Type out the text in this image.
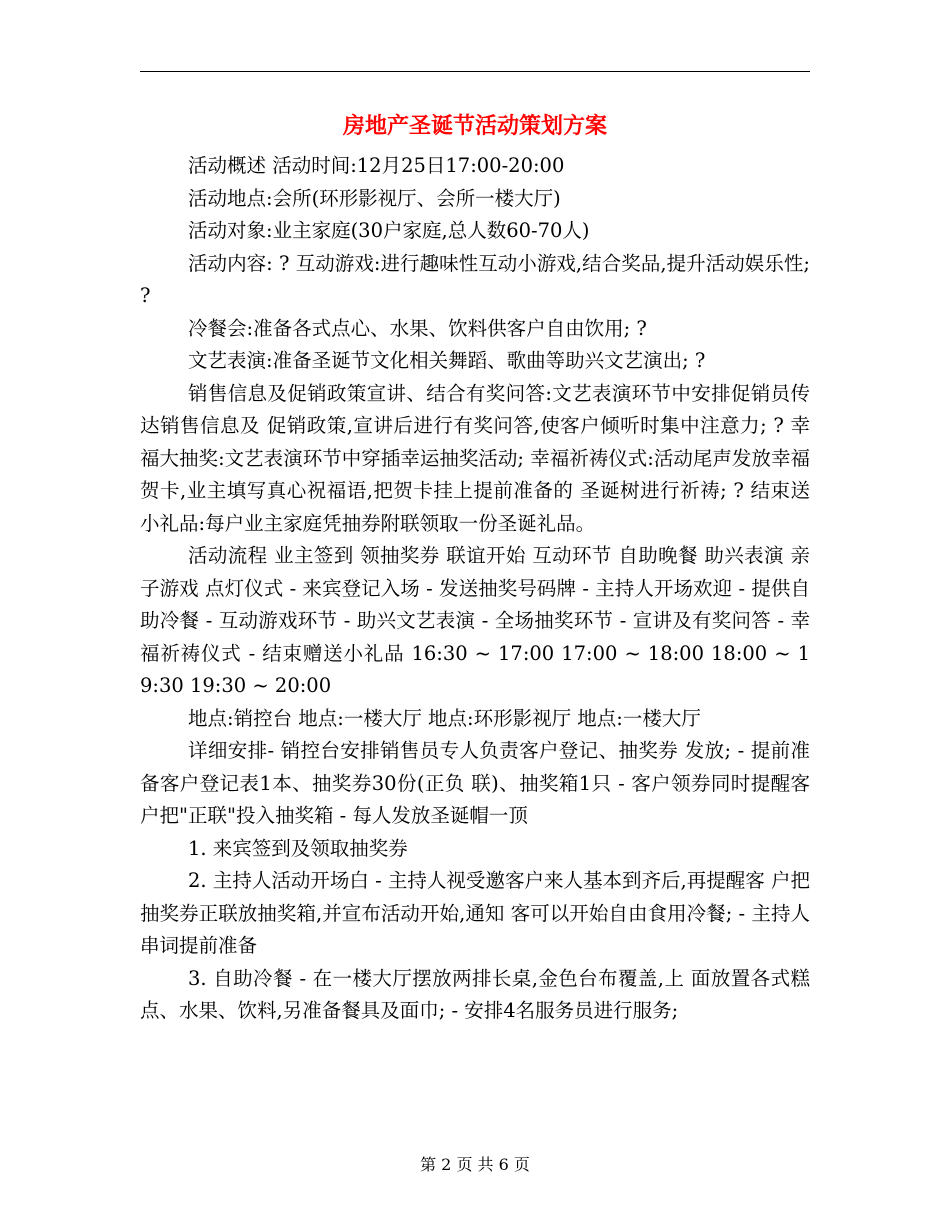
房地产圣诞节活动策划方案

活动概述 活动时间:12月25日17:00-20:00

活动地点:会所(环形影视厅、会所一楼大厅)

活动对象:业主家庭(30户家庭,总人数60-70人)

活动内容: ? 互动游戏:进行趣味性互动小游戏,结合奖品,提升活动娱乐性; ?

冷餐会:准备各式点心、水果、饮料供客户自由饮用; ?

文艺表演:准备圣诞节文化相关舞蹈、歌曲等助兴文艺演出; ?

销售信息及促销政策宣讲、结合有奖问答:文艺表演环节中安排促销员传达销售信息及 促销政策,宣讲后进行有奖问答,使客户倾听时集中注意力; ? 幸福大抽奖:文艺表演环节中穿插幸运抽奖活动; 幸福祈祷仪式:活动尾声发放幸福贺卡,业主填写真心祝福语,把贺卡挂上提前准备的 圣诞树进行祈祷; ? 结束送小礼品:每户业主家庭凭抽券附联领取一份圣诞礼品。

活动流程 业主签到 领抽奖券 联谊开始 互动环节 自助晚餐 助兴表演 亲子游戏 点灯仪式 - 来宾登记入场 - 发送抽奖号码牌 - 主持人开场欢迎 - 提供自助冷餐 - 互动游戏环节 - 助兴文艺表演 - 全场抽奖环节 - 宣讲及有奖问答 - 幸福祈祷仪式 - 结束赠送小礼品 16:30 ~ 17:00 17:00 ~ 18:00 18:00 ~ 19:30 19:30 ~ 20:00

地点:销控台 地点:一楼大厅 地点:环形影视厅 地点:一楼大厅

详细安排- 销控台安排销售员专人负责客户登记、抽奖券 发放; - 提前准备客户登记表1本、抽奖券30份(正负 联)、抽奖箱1只 - 客户领券同时提醒客户把"正联"投入抽奖箱 - 每人发放圣诞帽一顶

1. 来宾签到及领取抽奖券

2. 主持人活动开场白 - 主持人视受邀客户来人基本到齐后,再提醒客 户把抽奖券正联放抽奖箱,并宣布活动开始,通知 客可以开始自由食用冷餐; - 主持人串词提前准备

3. 自助冷餐 - 在一楼大厅摆放两排长桌,金色台布覆盖,上 面放置各式糕点、水果、饮料,另准备餐具及面巾; - 安排4名服务员进行服务;

第 2 页 共 6 页
